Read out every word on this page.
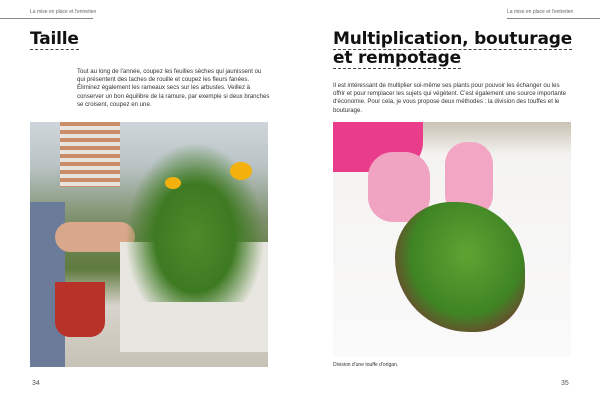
La mise en place et l'entretien
Taille
Tout au long de l'année, coupez les feuilles sèches qui jaunissent ou qui présentent des taches de rouille et coupez les fleurs fanées. Éliminez également les rameaux secs sur les arbustes. Veillez à conserver un bon équilibre de la ramure, par exemple si deux branches se croisent, coupez en une.
34
La mise en place et l'entretien
Multiplication, bouturage
et rempotage
Il est intéressant de multiplier soi-même ses plants pour pouvoir les échanger ou les offrir et pour remplacer les sujets qui végètent. C'est également une source importante d'économie. Pour cela, je vous propose deux méthodes : la division des touffes et le bouturage.
Division d'une touffe d'origan.
35
